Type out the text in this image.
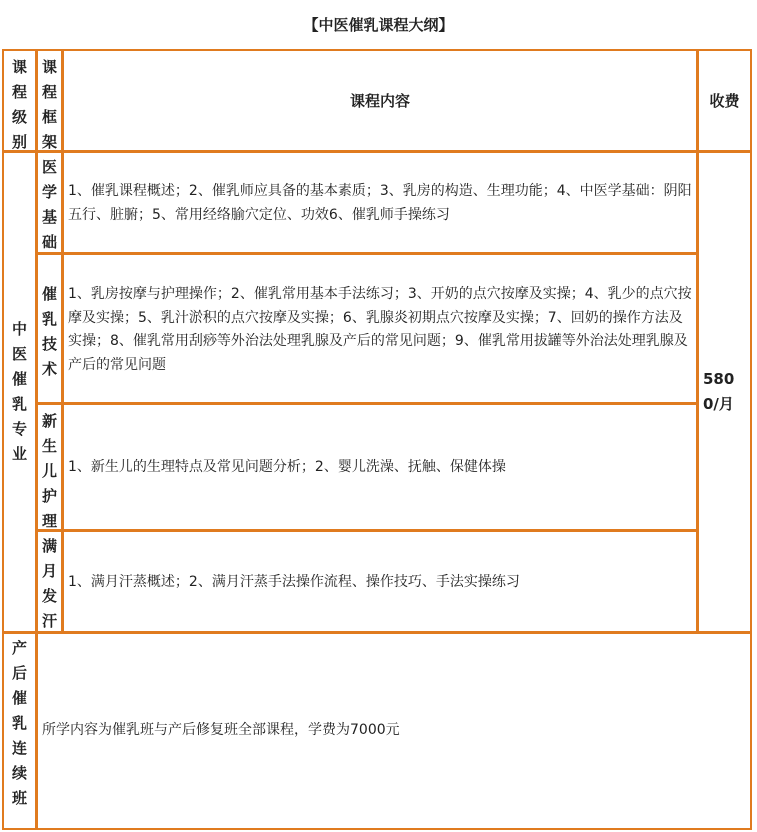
【中医催乳课程大纲】
课
程
级
别
课
程
框
架
课程内容	收费
中
医
催
乳
专
业
医
学
基
础
1、催乳课程概述；2、催乳师应具备的基本素质；3、乳房的构造、生理功能；4、中医学基础：阴阳五行、脏腑；5、常用经络腧穴定位、功效6、催乳师手操练习
催
乳
技
术
1、乳房按摩与护理操作；2、催乳常用基本手法练习；3、开奶的点穴按摩及实操；4、乳少的点穴按摩及实操；5、乳汁淤积的点穴按摩及实操；6、乳腺炎初期点穴按摩及实操；7、回奶的操作方法及实操；8、催乳常用刮痧等外治法处理乳腺及产后的常见问题；9、催乳常用拔罐等外治法处理乳腺及产后的常见问题
新
生
儿
护
理
1、新生儿的生理特点及常见问题分析；2、婴儿洗澡、抚触、保健体操
满
月
发
汗
1、满月汗蒸概述；2、满月汗蒸手法操作流程、操作技巧、手法实操练习
5800/月
产
后
催
乳
连
续
班
所学内容为催乳班与产后修复班全部课程，学费为7000元
